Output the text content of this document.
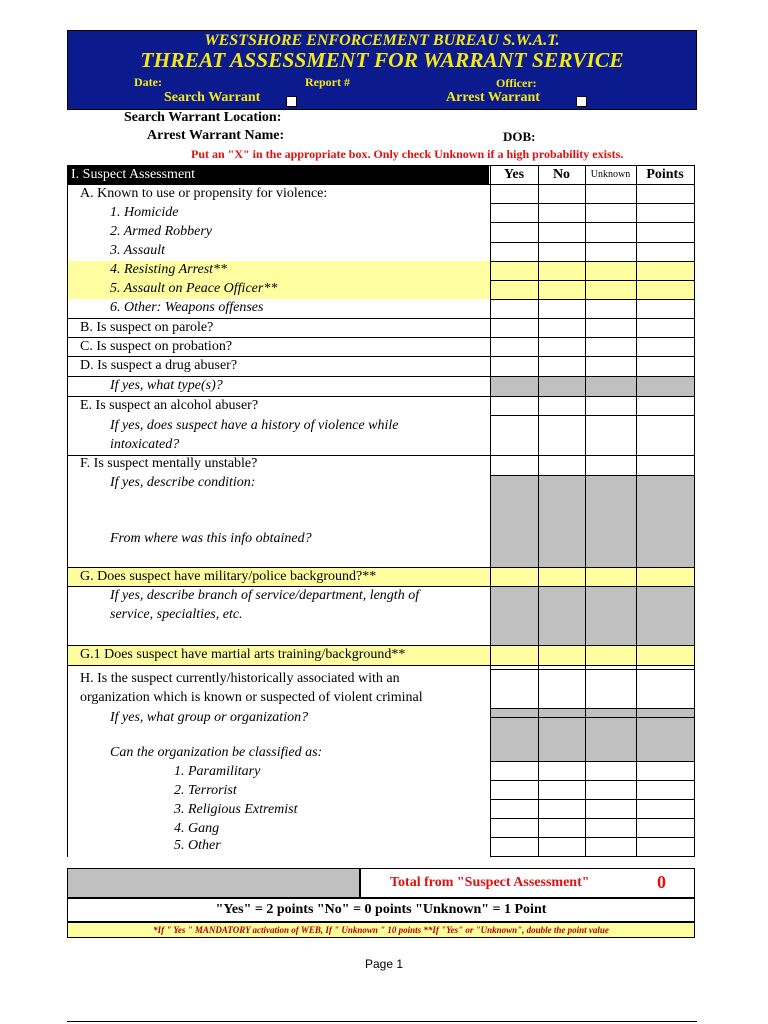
WESTSHORE ENFORCEMENT BUREAU S.W.A.T.
THREAT ASSESSMENT FOR WARRANT SERVICE
Date:	Report #	Officer:
Search Warrant	Arrest Warrant
Search Warrant Location:
Arrest Warrant Name:	DOB:
Put an "X" in the appropriate box. Only check Unknown if a high probability exists.
I. Suspect Assessment	Yes	No	Unknown	Points
A. Known to use or propensity for violence:
1. Homicide
2. Armed Robbery
3. Assault
4. Resisting Arrest**
5. Assault on Peace Officer**
6. Other: Weapons offenses
B. Is suspect on parole?
C. Is suspect on probation?
D. Is suspect a drug abuser?
If yes, what type(s)?
E. Is suspect an alcohol abuser?
If yes, does suspect have a history of violence while
intoxicated?
F. Is suspect mentally unstable?
If yes, describe condition:
From where was this info obtained?
G. Does suspect have military/police background?**
If yes, describe branch of service/department, length of
service, specialties, etc.
G.1 Does suspect have martial arts training/background**
H. Is the suspect currently/historically associated with an
organization which is known or suspected of violent criminal
If yes, what group or organization?
Can the organization be classified as:
1. Paramilitary
2. Terrorist
3. Religious Extremist
4. Gang
5. Other
Total from "Suspect Assessment"	0
"Yes" = 2 points "No" = 0 points "Unknown" = 1 Point
*If " Yes " MANDATORY activation of WEB, If " Unknown " 10 points **If "Yes" or "Unknown", double the point value
Page 1
